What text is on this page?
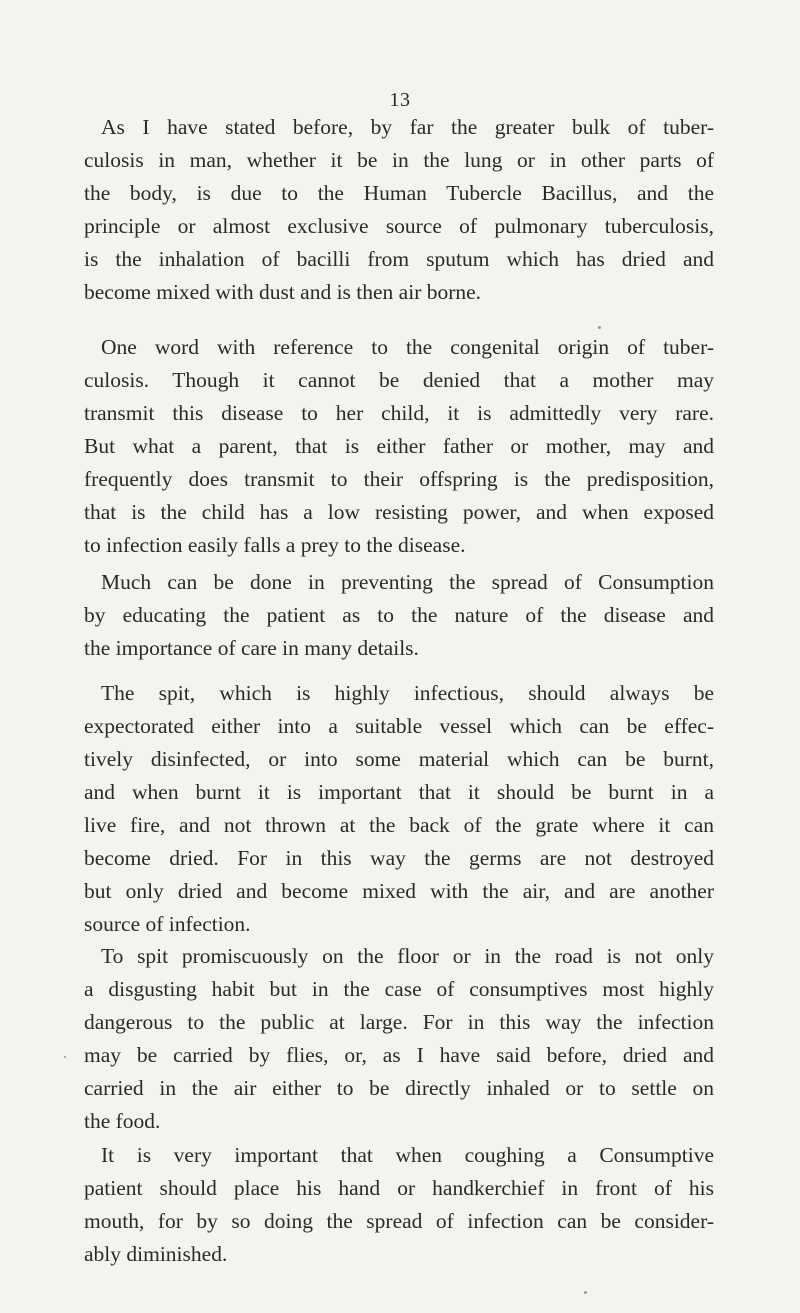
13

As I have stated before, by far the greater bulk of tuber-
culosis in man, whether it be in the lung or in other parts of
the body, is due to the Human Tubercle Bacillus, and the
principle or almost exclusive source of pulmonary tuberculosis,
is the inhalation of bacilli from sputum which has dried and
become mixed with dust and is then air borne.

One word with reference to the congenital origin of tuber-
culosis. Though it cannot be denied that a mother may
transmit this disease to her child, it is admittedly very rare.
But what a parent, that is either father or mother, may and
frequently does transmit to their offspring is the predisposition,
that is the child has a low resisting power, and when exposed
to infection easily falls a prey to the disease.

Much can be done in preventing the spread of Consumption
by educating the patient as to the nature of the disease and
the importance of care in many details.

The spit, which is highly infectious, should always be
expectorated either into a suitable vessel which can be effec-
tively disinfected, or into some material which can be burnt,
and when burnt it is important that it should be burnt in a
live fire, and not thrown at the back of the grate where it can
become dried. For in this way the germs are not destroyed
but only dried and become mixed with the air, and are another
source of infection.

To spit promiscuously on the floor or in the road is not only
a disgusting habit but in the case of consumptives most highly
dangerous to the public at large. For in this way the infection
may be carried by flies, or, as I have said before, dried and
carried in the air either to be directly inhaled or to settle on
the food.

It is very important that when coughing a Consumptive
patient should place his hand or handkerchief in front of his
mouth, for by so doing the spread of infection can be consider-
ably diminished.
